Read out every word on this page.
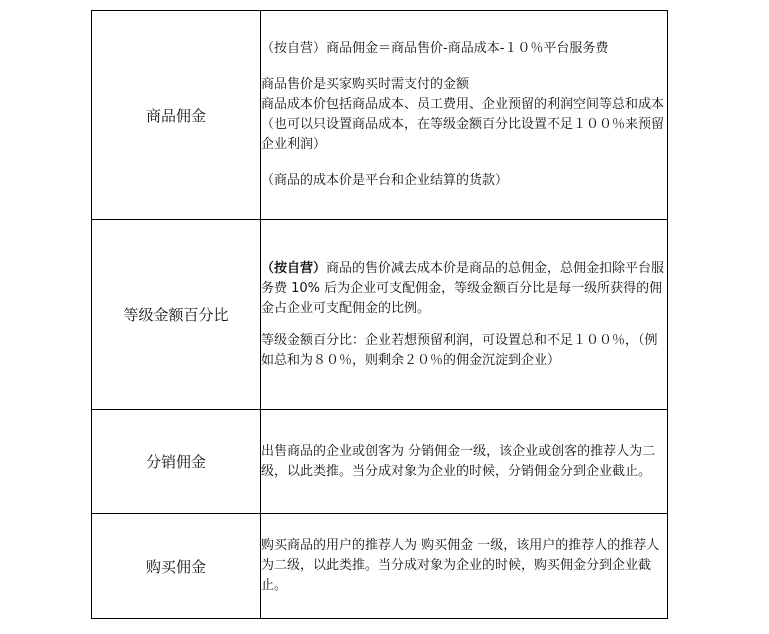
商品佣金	（按自营）商品佣金＝商品售价-商品成本-１０％平台服务费

商品售价是买家购买时需支付的金额

商品成本价包括商品成本、员工费用、企业预留的利润空间等总和成本（也可以只设置商品成本，在等级金额百分比设置不足１００％来预留企业利润）

（商品的成本价是平台和企业结算的货款）

等级金额百分比	（按自营）商品的售价减去成本价是商品的总佣金，总佣金扣除平台服务费 10% 后为企业可支配佣金，等级金额百分比是每一级所获得的佣金占企业可支配佣金的比例。

等级金额百分比：企业若想预留利润，可设置总和不足１００％，（例如总和为８０％，则剩余２０％的佣金沉淀到企业）

分销佣金	出售商品的企业或创客为 分销佣金一级，该企业或创客的推荐人为二级，以此类推。当分成对象为企业的时候，分销佣金分到企业截止。

购买佣金	购买商品的用户的推荐人为 购买佣金 一级，该用户的推荐人的推荐人为二级，以此类推。当分成对象为企业的时候，购买佣金分到企业截止。
